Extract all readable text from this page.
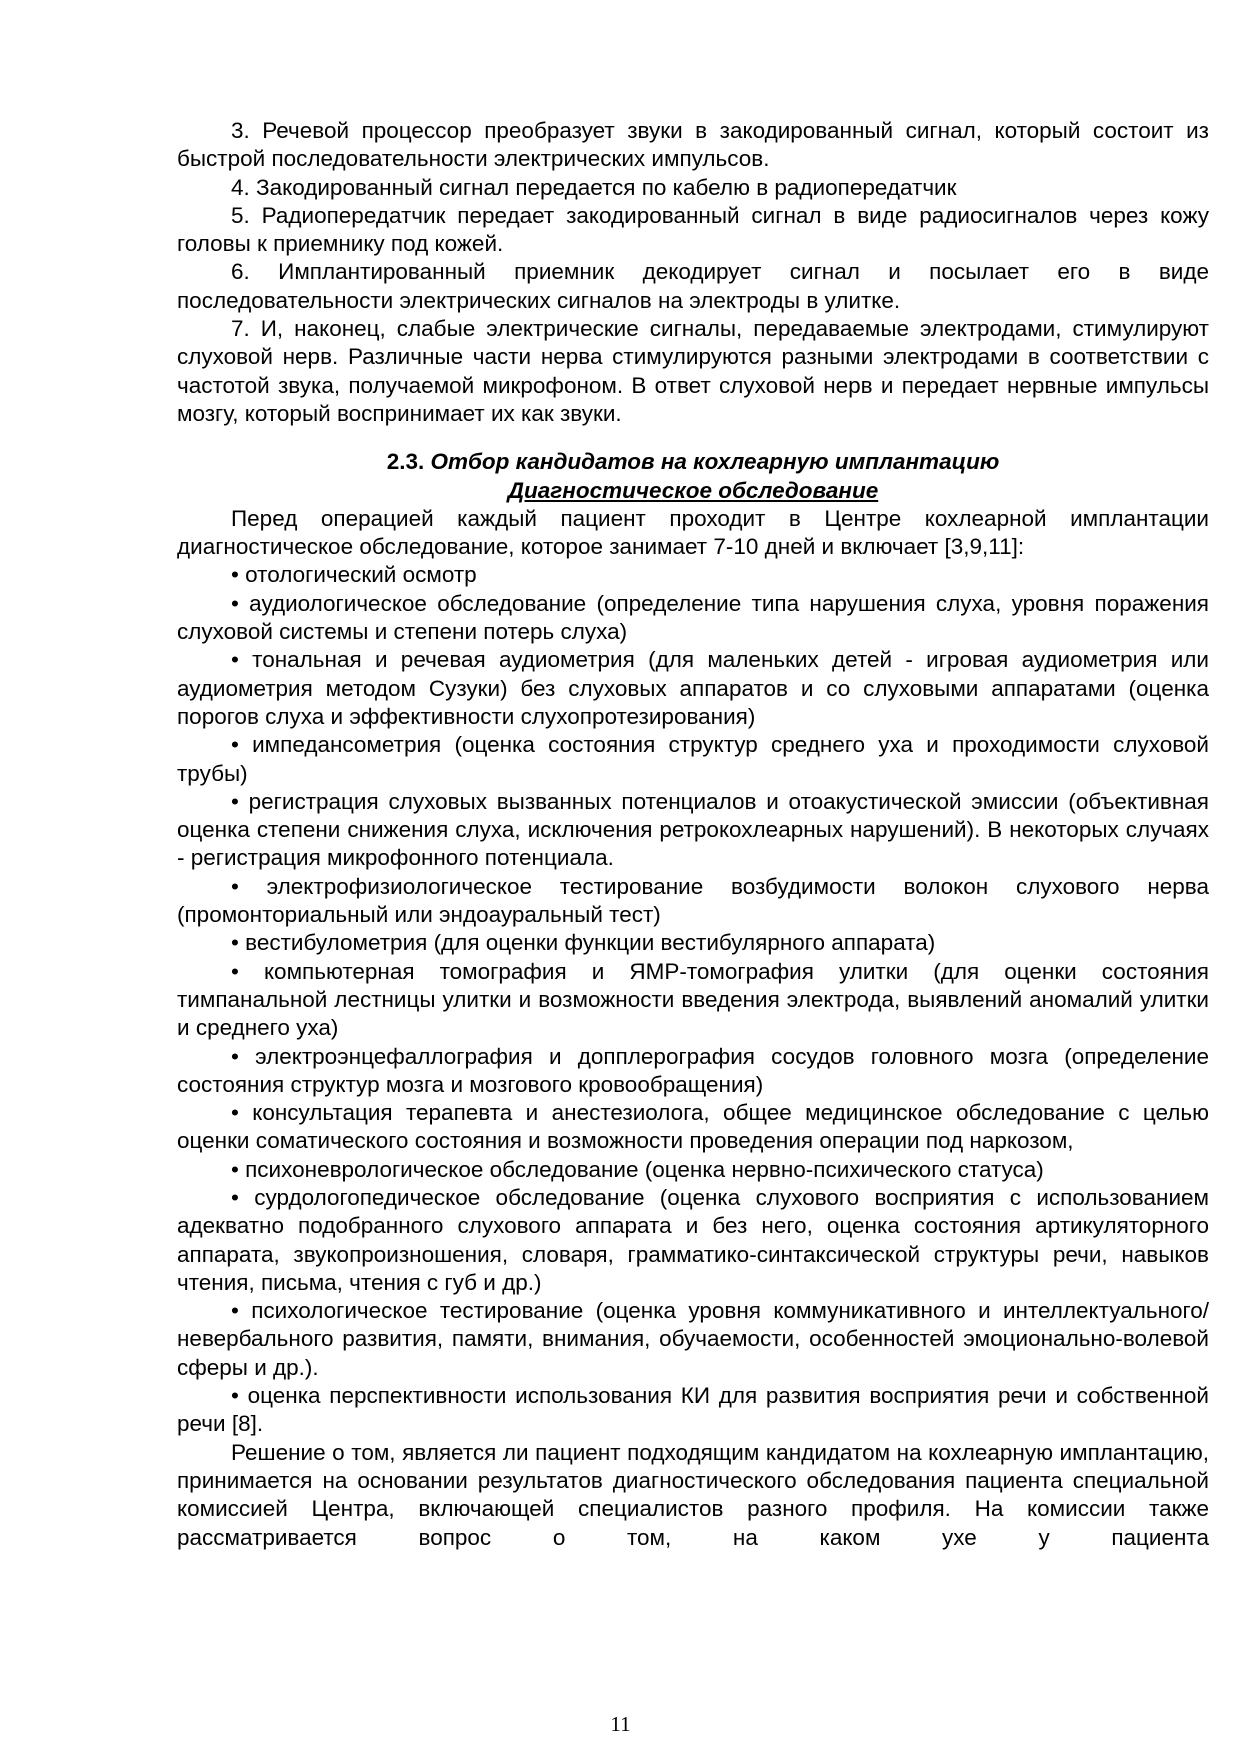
3. Речевой процессор преобразует звуки в закодированный сигнал, который состоит из быстрой последовательности электрических импульсов.

4. Закодированный сигнал передается по кабелю в радиопередатчик

5. Радиопередатчик передает закодированный сигнал в виде радиосигналов через кожу головы к приемнику под кожей.

6. Имплантированный приемник декодирует сигнал и посылает его в виде последовательности электрических сигналов на электроды в улитке.

7. И, наконец, слабые электрические сигналы, передаваемые электродами, стимулируют слуховой нерв. Различные части нерва стимулируются разными электродами в соответствии с частотой звука, получаемой микрофоном. В ответ слуховой нерв и передает нервные импульсы мозгу, который воспринимает их как звуки.

2.3. Отбор кандидатов на кохлеарную имплантацию
Диагностическое обследование

Перед операцией каждый пациент проходит в Центре кохлеарной имплантации диагностическое обследование, которое занимает 7-10 дней и включает [3,9,11]:

• отологический осмотр

• аудиологическое обследование (определение типа нарушения слуха, уровня поражения слуховой системы и степени потерь слуха)

• тональная и речевая аудиометрия (для маленьких детей - игровая аудиометрия или аудиометрия методом Сузуки) без слуховых аппаратов и со слуховыми аппаратами (оценка порогов слуха и эффективности слухопротезирования)

• импедансометрия (оценка состояния структур среднего уха и проходимости слуховой трубы)

• регистрация слуховых вызванных потенциалов и отоакустической эмиссии (объективная оценка степени снижения слуха, исключения ретрокохлеарных нарушений). В некоторых случаях - регистрация микрофонного потенциала.

• электрофизиологическое тестирование возбудимости волокон слухового нерва (промонториальный или эндоауральный тест)

• вестибулометрия (для оценки функции вестибулярного аппарата)

• компьютерная томография и ЯМР-томография улитки (для оценки состояния тимпанальной лестницы улитки и возможности введения электрода, выявлений аномалий улитки и среднего уха)

• электроэнцефаллография и допплерография сосудов головного мозга (определение состояния структур мозга и мозгового кровообращения)

• консультация терапевта и анестезиолога, общее медицинское обследование с целью оценки соматического состояния и возможности проведения операции под наркозом,

• психоневрологическое обследование (оценка нервно-психического статуса)

• сурдологопедическое обследование (оценка слухового восприятия с использованием адекватно подобранного слухового аппарата и без него, оценка состояния артикуляторного аппарата, звукопроизношения, словаря, грамматико-синтаксической структуры речи, навыков чтения, письма, чтения с губ и др.)

• психологическое тестирование (оценка уровня коммуникативного и интеллектуального/невербального развития, памяти, внимания, обучаемости, особенностей эмоционально-волевой сферы и др.).

• оценка перспективности использования КИ для развития восприятия речи и собственной речи [8].

Решение о том, является ли пациент подходящим кандидатом на кохлеарную имплантацию, принимается на основании результатов диагностического обследования пациента специальной комиссией Центра, включающей специалистов разного профиля. На комиссии также рассматривается вопрос о том, на каком ухе у пациента

11
